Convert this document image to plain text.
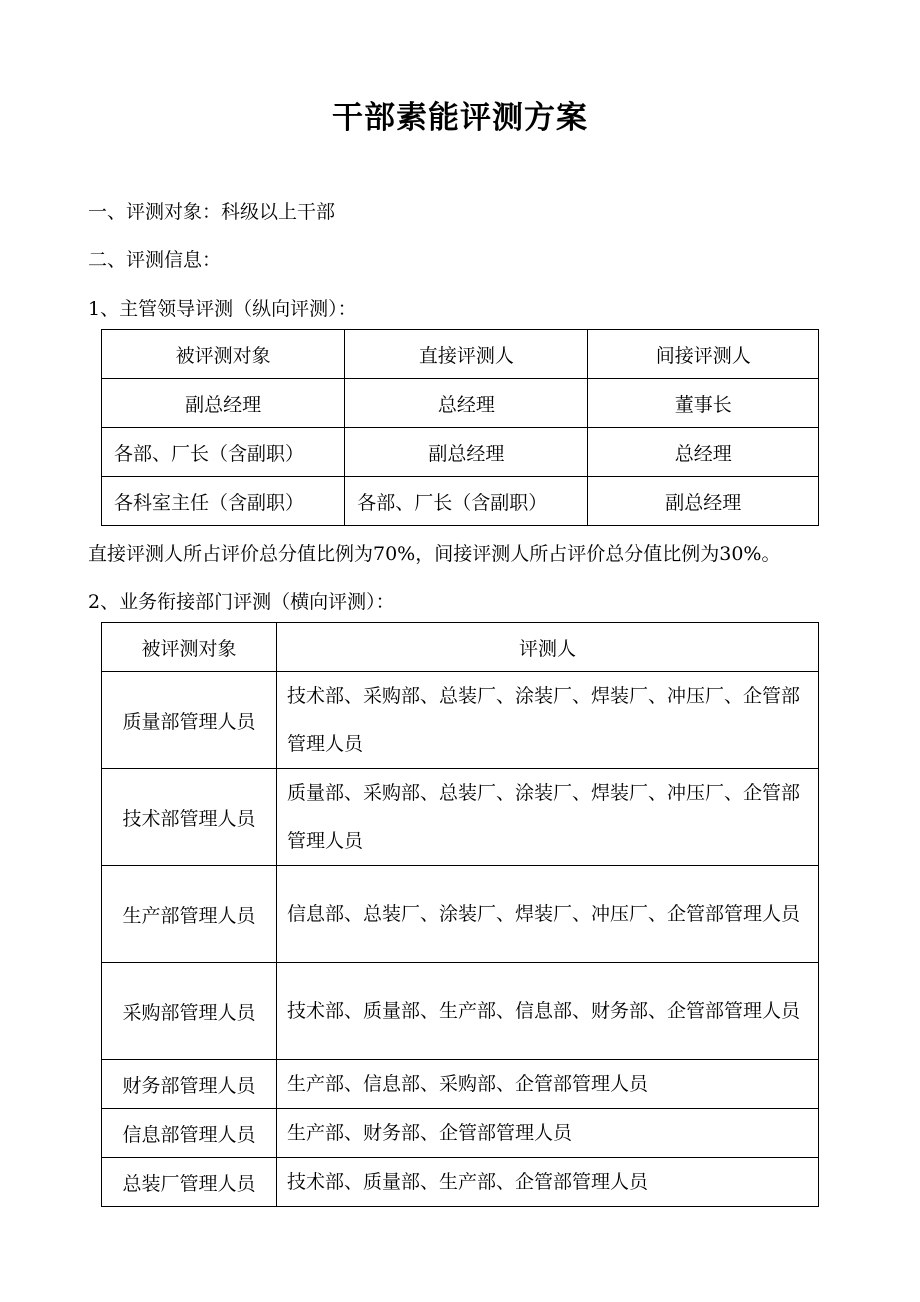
干部素能评测方案
一、评测对象：科级以上干部
二、评测信息：
1、主管领导评测（纵向评测）：
被评测对象	直接评测人	间接评测人
副总经理	总经理	董事长
各部、厂长（含副职）	副总经理	总经理
各科室主任（含副职）	各部、厂长（含副职）	副总经理
直接评测人所占评价总分值比例为70%，间接评测人所占评价总分值比例为30%。
2、业务衔接部门评测（横向评测）：
被评测对象	评测人
质量部管理人员	技术部、采购部、总装厂、涂装厂、焊装厂、冲压厂、企管部管理人员
技术部管理人员	质量部、采购部、总装厂、涂装厂、焊装厂、冲压厂、企管部管理人员
生产部管理人员	信息部、总装厂、涂装厂、焊装厂、冲压厂、企管部管理人员
采购部管理人员	技术部、质量部、生产部、信息部、财务部、企管部管理人员
财务部管理人员	生产部、信息部、采购部、企管部管理人员
信息部管理人员	生产部、财务部、企管部管理人员
总装厂管理人员	技术部、质量部、生产部、企管部管理人员
